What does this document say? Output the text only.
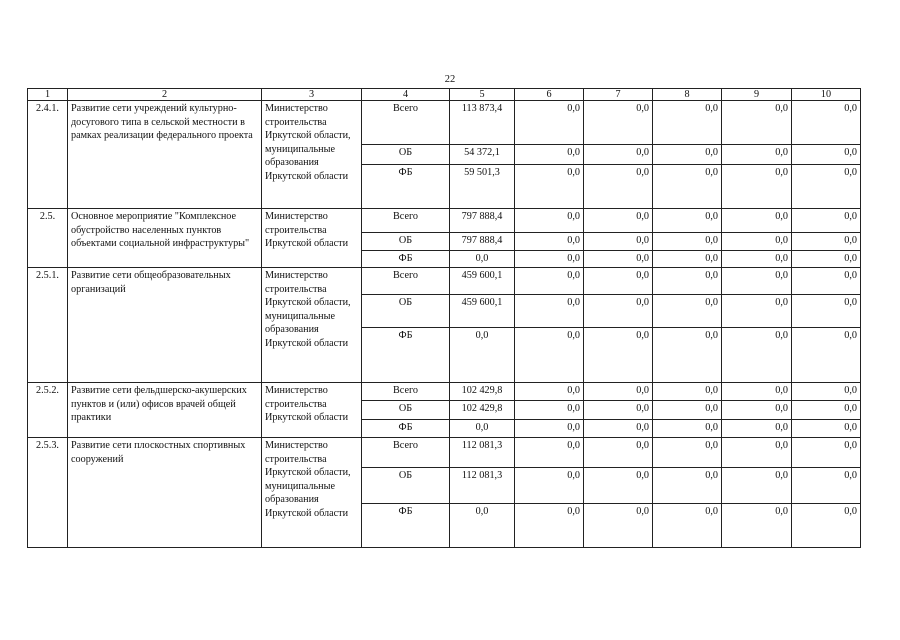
22
1	2	3	4	5	6	7	8	9	10
2.4.1.	Развитие сети учреждений культурно-досугового типа в сельской местности в рамках реализации федерального проекта	Министерство строительства Иркутской области, муниципальные образования Иркутской области	Всего	113 873,4	0,0	0,0	0,0	0,0	0,0
			ОБ	54 372,1	0,0	0,0	0,0	0,0	0,0
			ФБ	59 501,3	0,0	0,0	0,0	0,0	0,0
2.5.	Основное мероприятие "Комплексное обустройство населенных пунктов объектами социальной инфраструктуры"	Министерство строительства Иркутской области	Всего	797 888,4	0,0	0,0	0,0	0,0	0,0
			ОБ	797 888,4	0,0	0,0	0,0	0,0	0,0
			ФБ	0,0	0,0	0,0	0,0	0,0	0,0
2.5.1.	Развитие сети общеобразовательных организаций	Министерство строительства Иркутской области, муниципальные образования Иркутской области	Всего	459 600,1	0,0	0,0	0,0	0,0	0,0
			ОБ	459 600,1	0,0	0,0	0,0	0,0	0,0
			ФБ	0,0	0,0	0,0	0,0	0,0	0,0
2.5.2.	Развитие сети фельдшерско-акушерских пунктов и (или) офисов врачей общей практики	Министерство строительства Иркутской области	Всего	102 429,8	0,0	0,0	0,0	0,0	0,0
			ОБ	102 429,8	0,0	0,0	0,0	0,0	0,0
			ФБ	0,0	0,0	0,0	0,0	0,0	0,0
2.5.3.	Развитие сети плоскостных спортивных сооружений	Министерство строительства Иркутской области, муниципальные образования Иркутской области	Всего	112 081,3	0,0	0,0	0,0	0,0	0,0
			ОБ	112 081,3	0,0	0,0	0,0	0,0	0,0
			ФБ	0,0	0,0	0,0	0,0	0,0	0,0
